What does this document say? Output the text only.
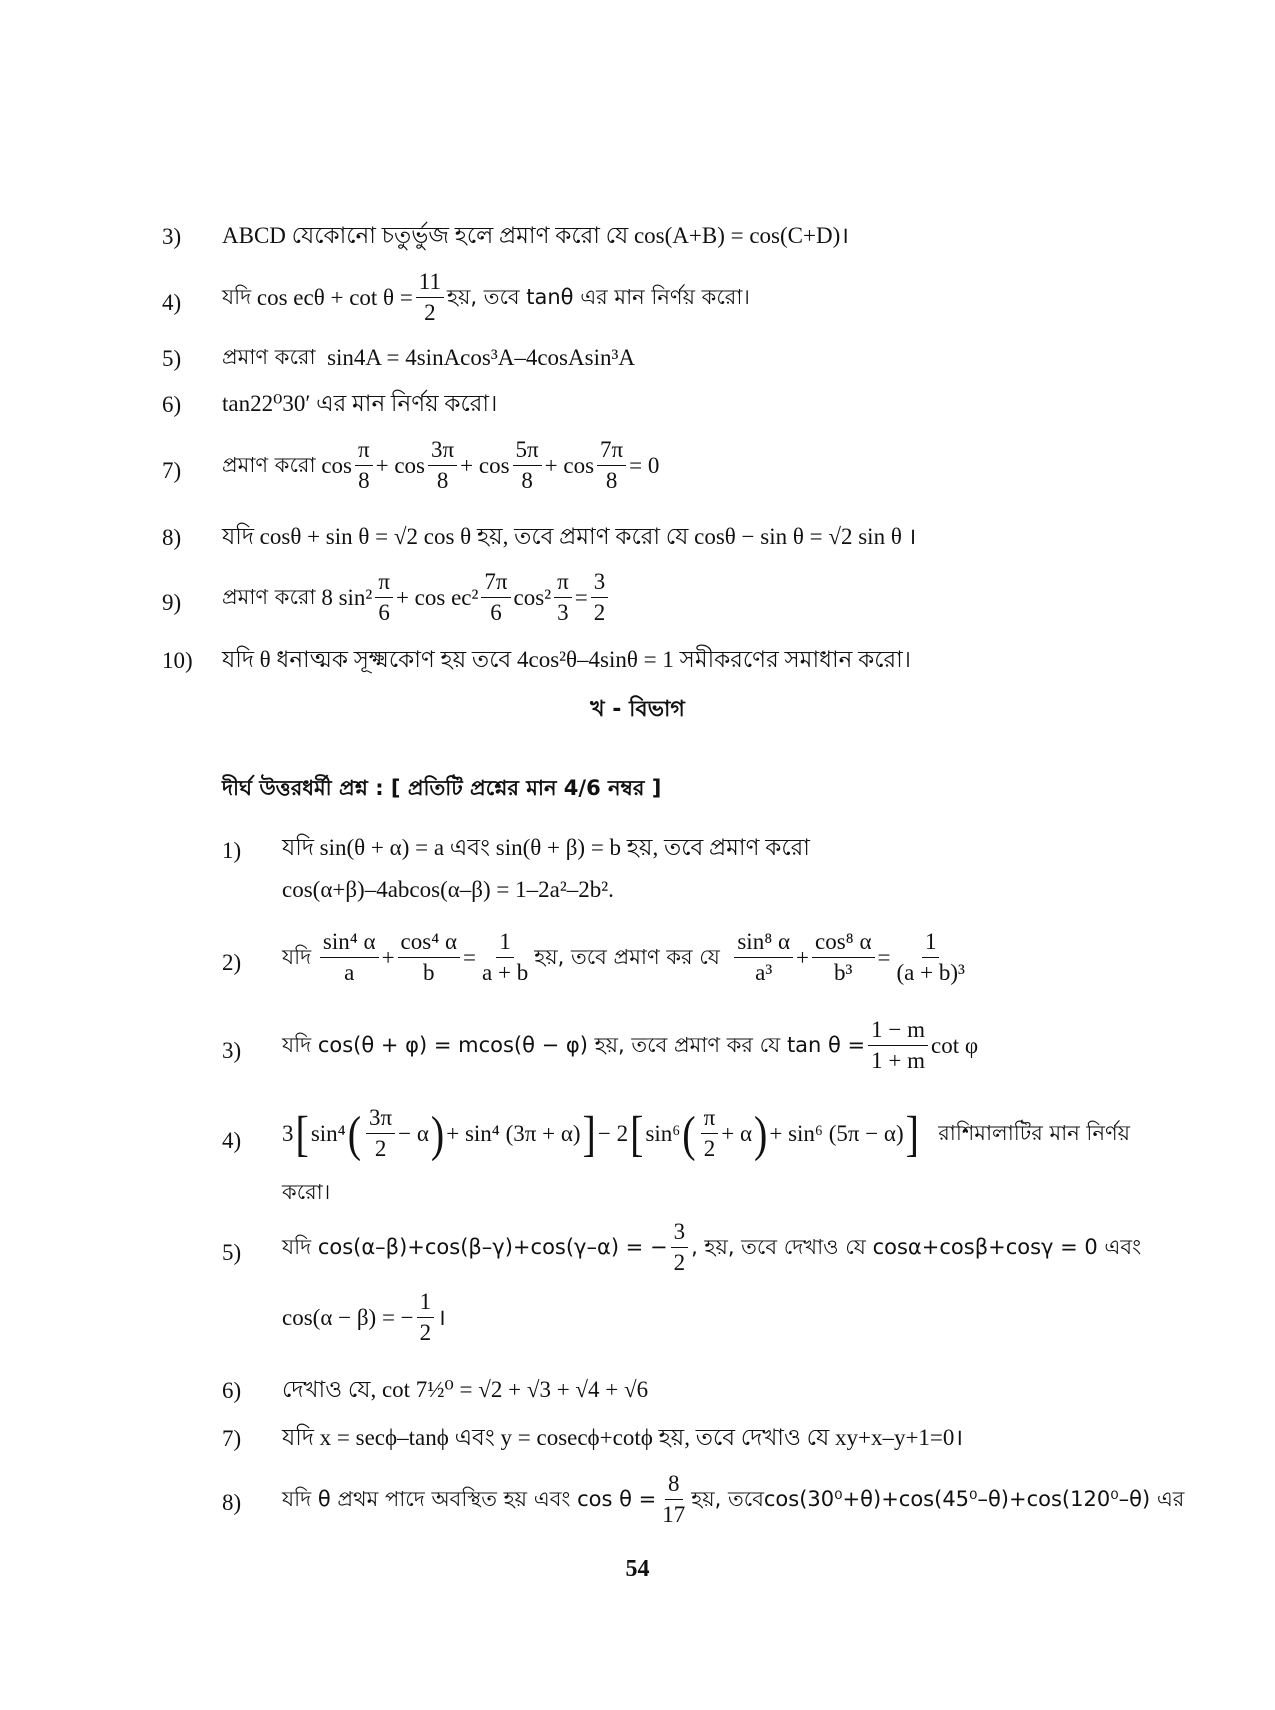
3) ABCD যেকোনো চতুর্ভুজ হলে প্রমাণ করো যে cos(A+B) = cos(C+D)।
4) যদি
$\cos ec\theta + \cot \theta = \frac{11}{2}$ হয়, তবে tanθ এর মান নির্ণয় করো।
5) প্রমাণ করো
sin4A = 4sinAcos³A–4cosAsin³A
6) tan22⁰30′ এর মান নির্ণয় করো।
7) প্রমাণ করো
$\cos \frac{\pi}{8} + \cos \frac{3\pi}{8} + \cos \frac{5\pi}{8} + \cos \frac{7\pi}{8} = 0$
8) যদি cosθ + sin θ = √2 cos θ হয়, তবে প্রমাণ করো যে cosθ − sin θ = √2 sin θ ।
9) প্রমাণ করো
8 $\sin^2 \frac{\pi}{6} + \cos ec^2 \frac{7\pi}{6} \cos^2 \frac{\pi}{3} = \frac{3}{2}$
10) যদি θ ধনাত্মক সূক্ষ্মকোণ হয় তবে 4cos²θ–4sinθ = 1 সমীকরণের সমাধান করো।
খ - বিভাগ
দীর্ঘ উত্তরধর্মী প্রশ্ন : [ প্রতিটি প্রশ্নের মান 4/6 নম্বর ]
1) যদি sin(θ + α) = a এবং sin(θ + β) = b হয়, তবে প্রমাণ করো
cos(α+β)–4abcos(α–β) = 1–2a²–2b².
2) যদি
$\frac{\text{sin⁴ α}}{a} + \frac{\text{cos⁴ α}}{b} = \frac{1}{a + b}$ হয়, তবে প্রমাণ কর যে
$\frac{\text{sin⁸ α}}{\text{a³}} + \frac{\text{cos⁸ α}}{\text{b³}} = \frac{1}{\text{(a + b)³}}$
3) যদি cos(θ + φ) = mcos(θ − φ) হয়, তবে প্রমাণ কর যে $\tan \theta = \frac{1 - m}{1 + m}$ cot φ
4) 3 [ sin⁴ ( $\frac{3\pi}{2} - \alpha$ ) + sin⁴ (3π + α) ] − 2 [ sin⁶ ( $\frac{\pi}{2} + \alpha$ ) + sin⁶ (5π − α) ]
রাশিমালাটির মান নির্ণয়
করো।
5) যদি cos(α–β)+cos(β–γ)+cos(γ–α) = − $\frac{3}{2}$ , হয়, তবে দেখাও যে cosα+cosβ+cosγ = 0 এবং
cos(α − β) = − $\frac{1}{2}$ ।
6) দেখাও যে, cot 7½⁰ = √2 + √3 + √4 + √6
7) যদি x = secϕ–tanϕ এবং y = cosecϕ+cotϕ হয়, তবে দেখাও যে xy+x–y+1=0।
8) যদি θ প্রথম পাদে অবস্থিত হয় এবং $\cos \theta = \frac{8}{17}$ হয়, তবেcos(30⁰+θ)+cos(45⁰–θ)+cos(120⁰–θ) এর
54
